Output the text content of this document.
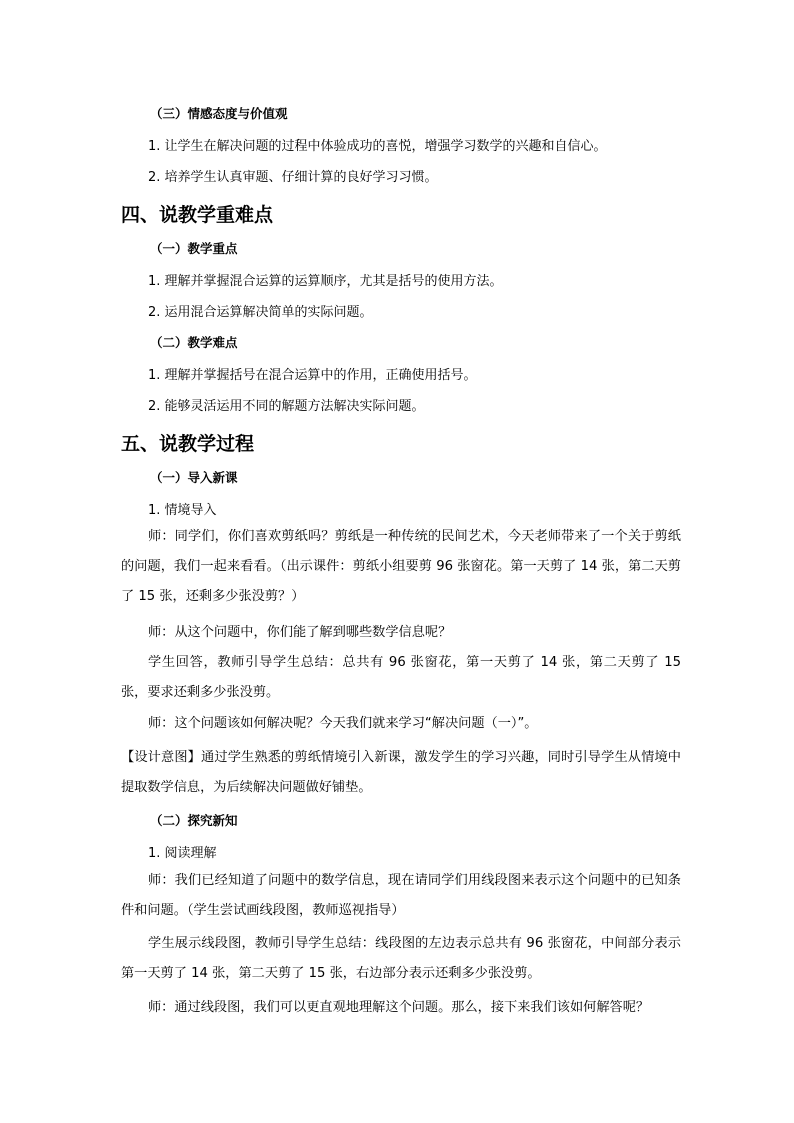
（三）情感态度与价值观
1. 让学生在解决问题的过程中体验成功的喜悦，增强学习数学的兴趣和自信心。
2. 培养学生认真审题、仔细计算的良好学习习惯。
四、说教学重难点
（一）教学重点
1. 理解并掌握混合运算的运算顺序，尤其是括号的使用方法。
2. 运用混合运算解决简单的实际问题。
（二）教学难点
1. 理解并掌握括号在混合运算中的作用，正确使用括号。
2. 能够灵活运用不同的解题方法解决实际问题。
五、说教学过程
（一）导入新课
1. 情境导入
师：同学们，你们喜欢剪纸吗？剪纸是一种传统的民间艺术，今天老师带来了一个关于剪纸的问题，我们一起来看看。（出示课件：剪纸小组要剪 96 张窗花。第一天剪了 14 张，第二天剪了 15 张，还剩多少张没剪？）
师：从这个问题中，你们能了解到哪些数学信息呢？
学生回答，教师引导学生总结：总共有 96 张窗花，第一天剪了 14 张，第二天剪了 15 张，要求还剩多少张没剪。
师：这个问题该如何解决呢？今天我们就来学习“解决问题（一）”。
【设计意图】通过学生熟悉的剪纸情境引入新课，激发学生的学习兴趣，同时引导学生从情境中提取数学信息，为后续解决问题做好铺垫。
（二）探究新知
1. 阅读理解
师：我们已经知道了问题中的数学信息，现在请同学们用线段图来表示这个问题中的已知条件和问题。（学生尝试画线段图，教师巡视指导）
学生展示线段图，教师引导学生总结：线段图的左边表示总共有 96 张窗花，中间部分表示第一天剪了 14 张，第二天剪了 15 张，右边部分表示还剩多少张没剪。
师：通过线段图，我们可以更直观地理解这个问题。那么，接下来我们该如何解答呢？
